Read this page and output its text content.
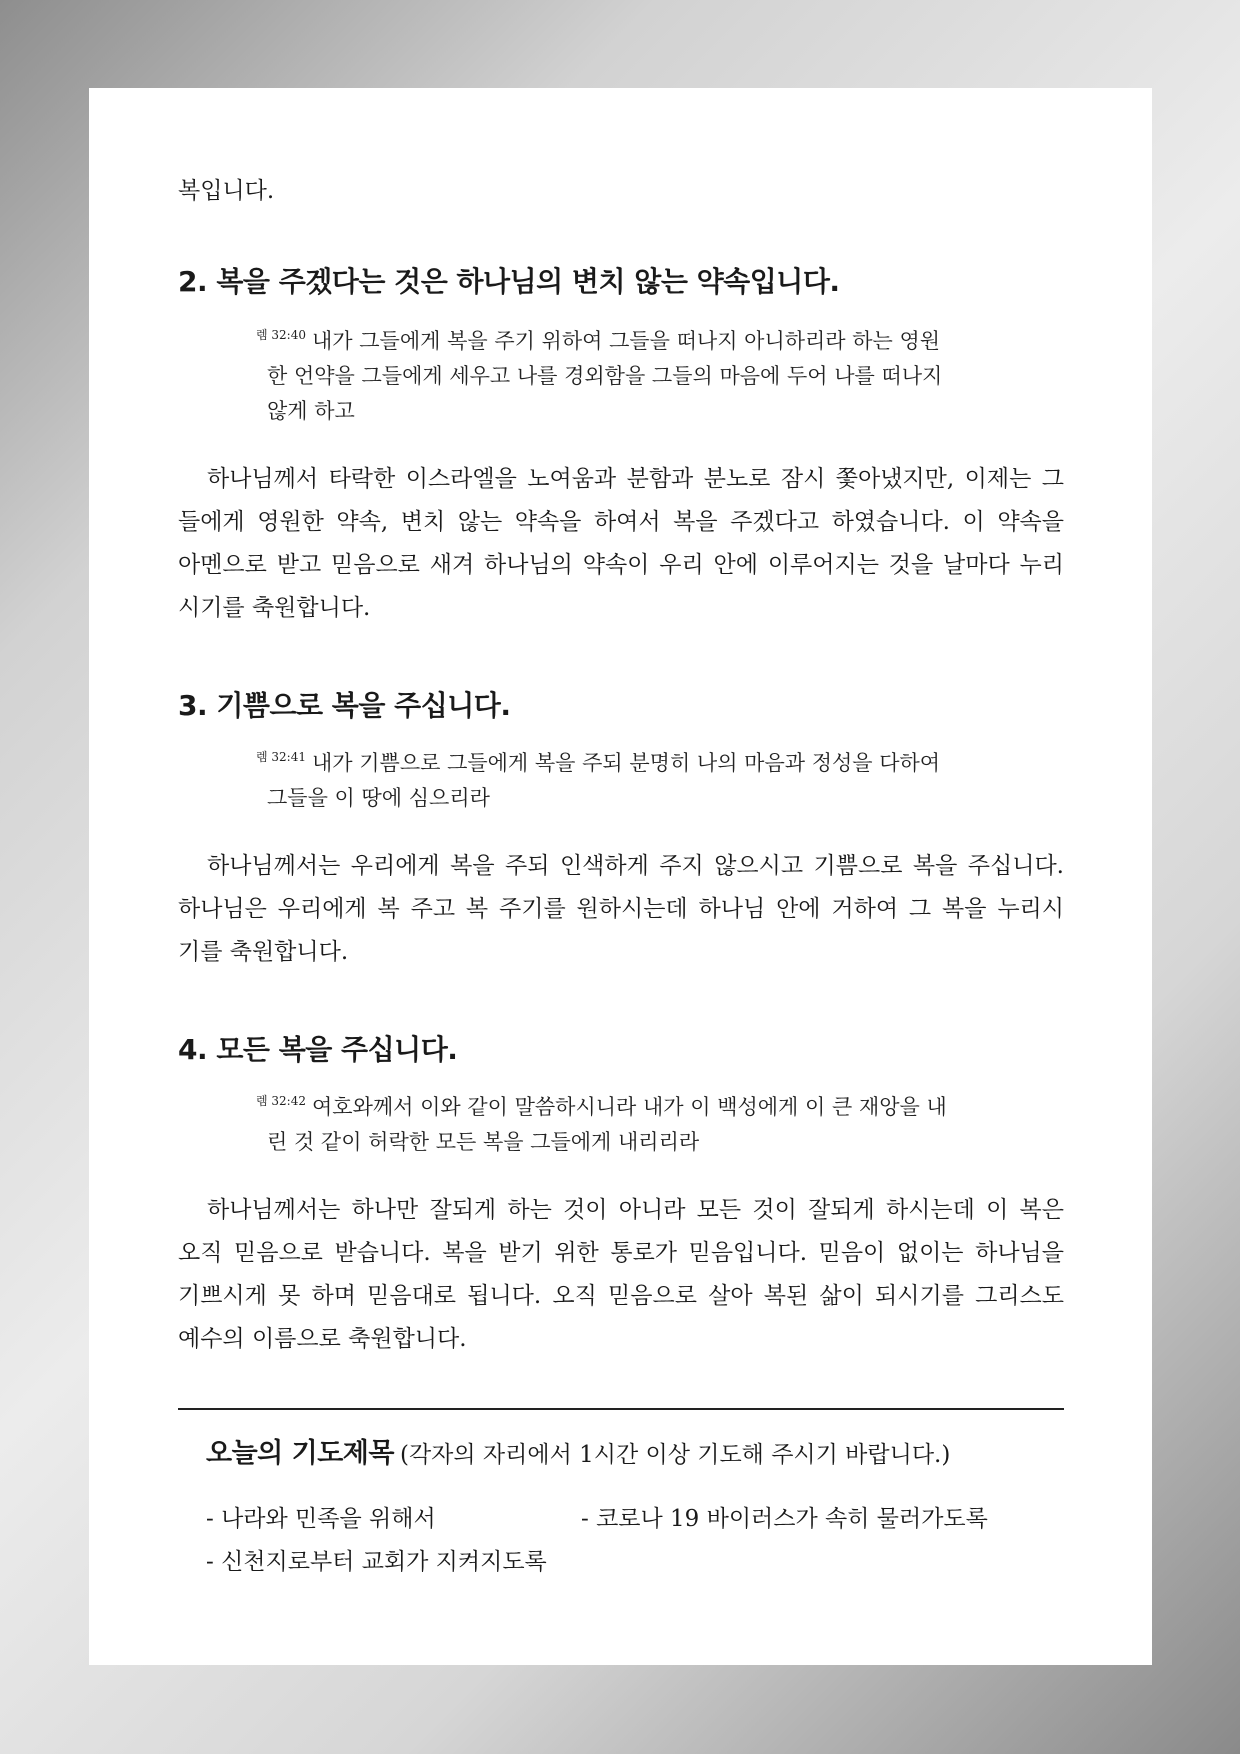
복입니다.

2. 복을 주겠다는 것은 하나님의 변치 않는 약속입니다.
$^{렘 32:40}$ 내가 그들에게 복을 주기 위하여 그들을 떠나지 아니하리라 하는 영원
한 언약을 그들에게 세우고 나를 경외함을 그들의 마음에 두어 나를 떠나지
않게 하고
하나님께서 타락한 이스라엘을 노여움과 분함과 분노로 잠시 쫓아냈지만, 이제는 그
들에게 영원한 약속, 변치 않는 약속을 하여서 복을 주겠다고 하였습니다. 이 약속을
아멘으로 받고 믿음으로 새겨 하나님의 약속이 우리 안에 이루어지는 것을 날마다 누리
시기를 축원합니다.
3. 기쁨으로 복을 주십니다.
$^{렘 32:41}$ 내가 기쁨으로 그들에게 복을 주되 분명히 나의 마음과 정성을 다하여
그들을 이 땅에 심으리라
하나님께서는 우리에게 복을 주되 인색하게 주지 않으시고 기쁨으로 복을 주십니다.
하나님은 우리에게 복 주고 복 주기를 원하시는데 하나님 안에 거하여 그 복을 누리시
기를 축원합니다.
4. 모든 복을 주십니다.
$^{렘 32:42}$ 여호와께서 이와 같이 말씀하시니라 내가 이 백성에게 이 큰 재앙을 내
린 것 같이 허락한 모든 복을 그들에게 내리리라
하나님께서는 하나만 잘되게 하는 것이 아니라 모든 것이 잘되게 하시는데 이 복은
오직 믿음으로 받습니다. 복을 받기 위한 통로가 믿음입니다. 믿음이 없이는 하나님을
기쁘시게 못 하며 믿음대로 됩니다. 오직 믿음으로 살아 복된 삶이 되시기를 그리스도
예수의 이름으로 축원합니다.

오늘의 기도제목 (각자의 자리에서 1시간 이상 기도해 주시기 바랍니다.)

- 나라와 민족을 위해서	- 코로나 19 바이러스가 속히 물러가도록

- 신천지로부터 교회가 지켜지도록
